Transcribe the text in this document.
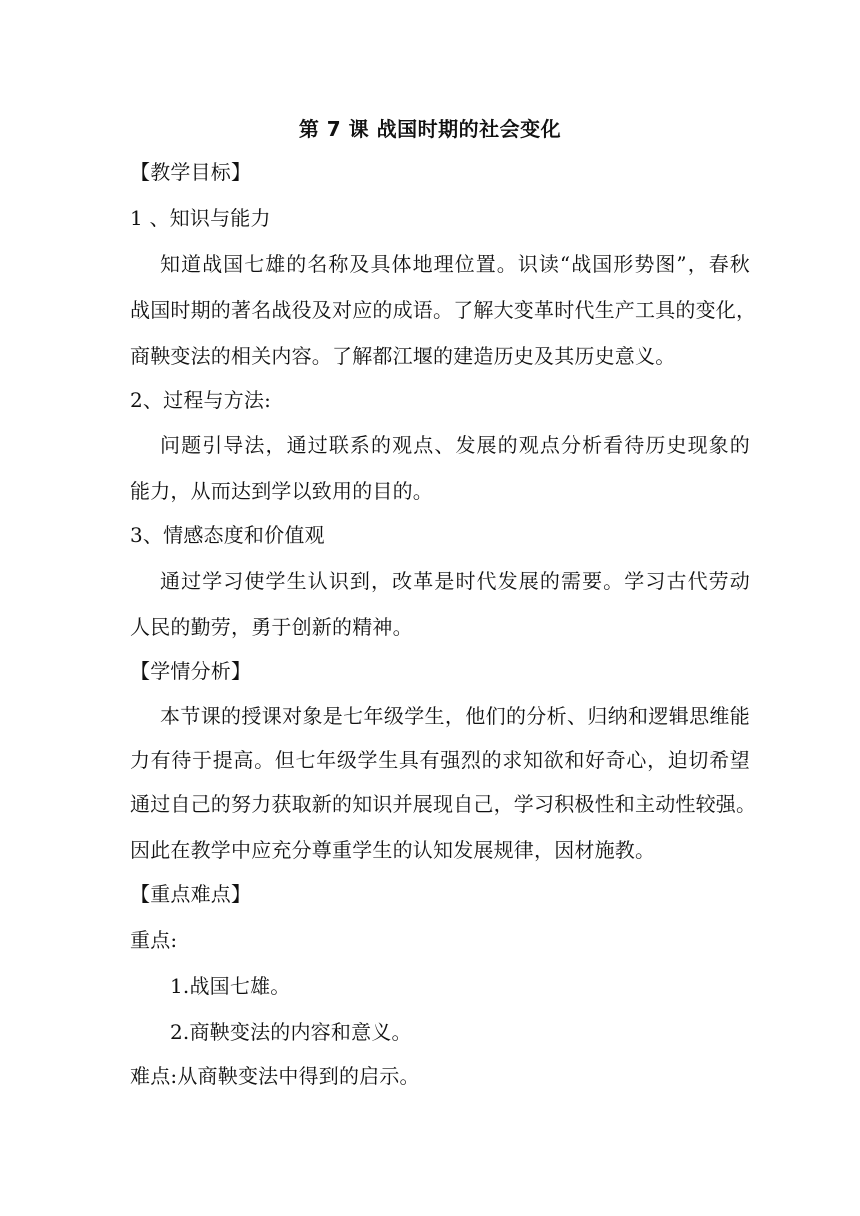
第 7 课 战国时期的社会变化
【教学目标】
1 、知识与能力
知道战国七雄的名称及具体地理位置。识读“战国形势图”，春秋
战国时期的著名战役及对应的成语。了解大变革时代生产工具的变化，
商鞅变法的相关内容。了解都江堰的建造历史及其历史意义。
2、过程与方法:
问题引导法，通过联系的观点、发展的观点分析看待历史现象的
能力，从而达到学以致用的目的。
3、情感态度和价值观
通过学习使学生认识到，改革是时代发展的需要。学习古代劳动
人民的勤劳，勇于创新的精神。
【学情分析】
本节课的授课对象是七年级学生，他们的分析、归纳和逻辑思维能
力有待于提高。但七年级学生具有强烈的求知欲和好奇心，迫切希望
通过自己的努力获取新的知识并展现自己，学习积极性和主动性较强。
因此在教学中应充分尊重学生的认知发展规律，因材施教。
【重点难点】
重点:
1.战国七雄。
2.商鞅变法的内容和意义。
难点:从商鞅变法中得到的启示。
